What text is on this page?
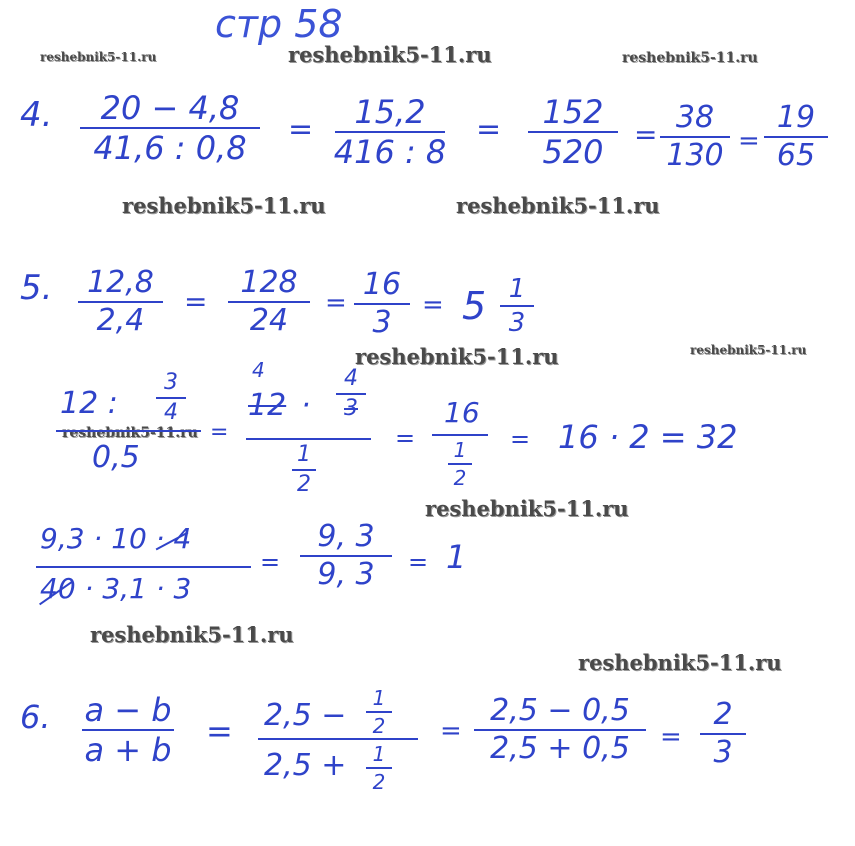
стр 58
reshebnik5-11.ru	reshebnik5-11.ru	reshebnik5-11.ru
reshebnik5-11.ru	reshebnik5-11.ru
reshebnik5-11.ru	reshebnik5-11.ru
reshebnik5-11.ru
reshebnik5-11.ru
reshebnik5-11.ru
reshebnik5-11.ru
4. 20 − 4,8
41,6 : 0,8 = 15,2
416 : 8
= 152
520 = 38
130 =
19
65
5. 12,8
2,4
=
128
24 =
16
3 = 5 1
3
12 :
3
4
0,5
=
4
12 ·
4
3
1
2
=
16
1
2
= 16 · 2 = 32
9,3 · 10 · 4
40 · 3,1 · 3
=
9, 3
9, 3 = 1
6. a − b
a + b = 2,5 − 1
2
2,5 + 1
2
=
2,5 − 0,5
2,5 + 0,5 =
2
3
